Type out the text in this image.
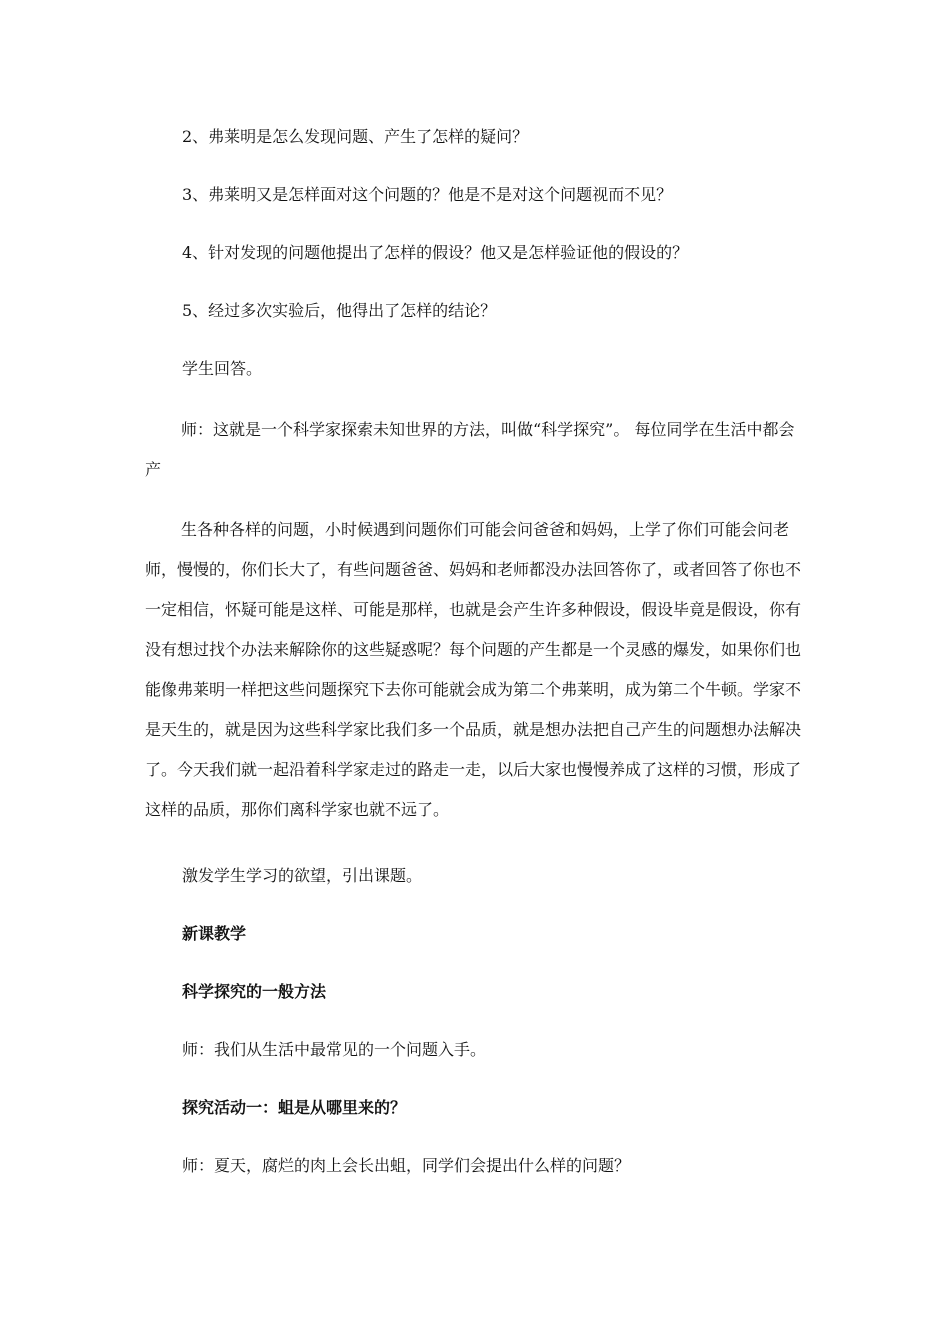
2、弗莱明是怎么发现问题、产生了怎样的疑问？
3、弗莱明又是怎样面对这个问题的？他是不是对这个问题视而不见？
4、针对发现的问题他提出了怎样的假设？他又是怎样验证他的假设的？
5、经过多次实验后，他得出了怎样的结论？
学生回答。

师：这就是一个科学家探索未知世界的方法，叫做“科学探究”。 每位同学在生活中都会产

生各种各样的问题，小时候遇到问题你们可能会问爸爸和妈妈，上学了你们可能会问老师，慢慢的，你们长大了，有些问题爸爸、妈妈和老师都没办法回答你了，或者回答了你也不一定相信，怀疑可能是这样、可能是那样，也就是会产生许多种假设，假设毕竟是假设，你有没有想过找个办法来解除你的这些疑惑呢？每个问题的产生都是一个灵感的爆发，如果你们也能像弗莱明一样把这些问题探究下去你可能就会成为第二个弗莱明，成为第二个牛顿。学家不是天生的，就是因为这些科学家比我们多一个品质，就是想办法把自己产生的问题想办法解决了。今天我们就一起沿着科学家走过的路走一走，以后大家也慢慢养成了这样的习惯，形成了这样的品质，那你们离科学家也就不远了。

激发学生学习的欲望，引出课题。
新课教学
科学探究的一般方法
师：我们从生活中最常见的一个问题入手。
探究活动一：蛆是从哪里来的？
师：夏天，腐烂的肉上会长出蛆，同学们会提出什么样的问题？
